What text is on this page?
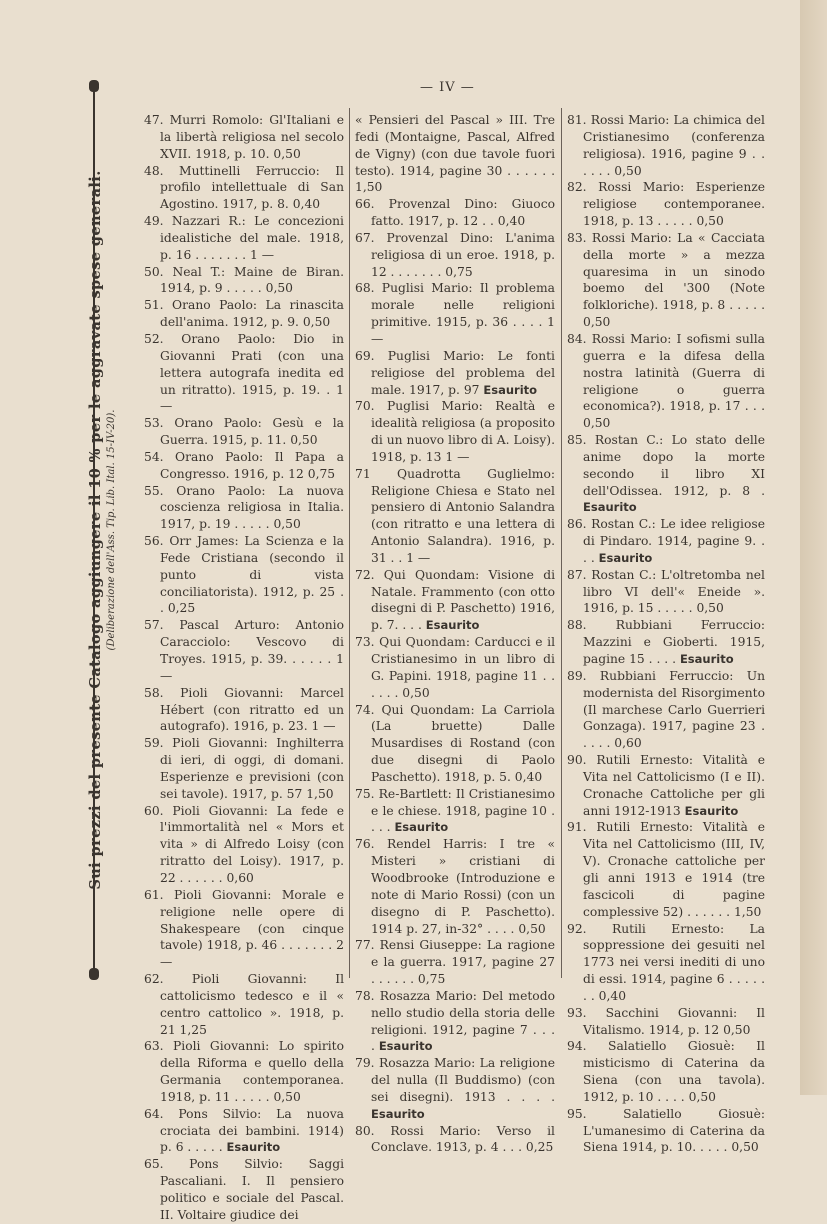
— IV —
Sui prezzi del presente Catalogo aggiungere il 10 % per le aggravate spese generali. (Deliberazione dell'Ass. Tip. Lib. Ital. 15-IV-20).

47. Murri Romolo: Gl'Italiani e la libertà religiosa nel secolo XVII. 1918, p. 10. 0,50

48. Muttinelli Ferruccio: Il profilo intellettuale di San Agostino. 1917, p. 8. 0,40

49. Nazzari R.: Le concezioni idealistiche del male. 1918, p. 16 . . . . . . . 1 —

50. Neal T.: Maine de Biran. 1914, p. 9 . . . . . 0,50

51. Orano Paolo: La rinascita dell'anima. 1912, p. 9. 0,50

52. Orano Paolo: Dio in Giovanni Prati (con una lettera autografa inedita ed un ritratto). 1915, p. 19. . 1 —

53. Orano Paolo: Gesù e la Guerra. 1915, p. 11. 0,50

54. Orano Paolo: Il Papa a Congresso. 1916, p. 12 0,75

55. Orano Paolo: La nuova coscienza religiosa in Italia. 1917, p. 19 . . . . . 0,50

56. Orr James: La Scienza e la Fede Cristiana (secondo il punto di vista conciliatorista). 1912, p. 25 . . 0,25

57. Pascal Arturo: Antonio Caracciolo: Vescovo di Troyes. 1915, p. 39. . . . . . 1 —

58. Pioli Giovanni: Marcel Hébert (con ritratto ed un autografo). 1916, p. 23. 1 —

59. Pioli Giovanni: Inghilterra di ieri, di oggi, di domani. Esperienze e previsioni (con sei tavole). 1917, p. 57 1,50

60. Pioli Giovanni: La fede e l'immortalità nel « Mors et vita » di Alfredo Loisy (con ritratto del Loisy). 1917, p. 22 . . . . . . 0,60

61. Pioli Giovanni: Morale e religione nelle opere di Shakespeare (con cinque tavole) 1918, p. 46 . . . . . . . 2 —

62. Pioli Giovanni: Il cattolicismo tedesco e il « centro cattolico ». 1918, p. 21 1,25

63. Pioli Giovanni: Lo spirito della Riforma e quello della Germania contemporanea. 1918, p. 11 . . . . . 0,50

64. Pons Silvio: La nuova crociata dei bambini. 1914) p. 6 . . . . . Esaurito

65. Pons Silvio: Saggi Pascaliani. I. Il pensiero politico e sociale del Pascal. II. Voltaire giudice dei

« Pensieri del Pascal » III. Tre fedi (Montaigne, Pascal, Alfred de Vigny) (con due tavole fuori testo). 1914, pagine 30 . . . . . . 1,50

66. Provenzal Dino: Giuoco fatto. 1917, p. 12 . . 0,40

67. Provenzal Dino: L'anima religiosa di un eroe. 1918, p. 12 . . . . . . . 0,75

68. Puglisi Mario: Il problema morale nelle religioni primitive. 1915, p. 36 . . . . 1 —

69. Puglisi Mario: Le fonti religiose del problema del male. 1917, p. 97 Esaurito

70. Puglisi Mario: Realtà e idealità religiosa (a proposito di un nuovo libro di A. Loisy). 1918, p. 13 1 —

71 Quadrotta Guglielmo: Religione Chiesa e Stato nel pensiero di Antonio Salandra (con ritratto e una lettera di Antonio Salandra). 1916, p. 31 . . 1 —

72. Qui Quondam: Visione di Natale. Frammento (con otto disegni di P. Paschetto) 1916, p. 7. . . . Esaurito

73. Qui Quondam: Carducci e il Cristianesimo in un libro di G. Papini. 1918, pagine 11 . . . . . . 0,50

74. Qui Quondam: La Carriola (La bruette) Dalle Musardises di Rostand (con due disegni di Paolo Paschetto). 1918, p. 5. 0,40

75. Re-Bartlett: Il Cristianesimo e le chiese. 1918, pagine 10 . . . . Esaurito

76. Rendel Harris: I tre « Misteri » cristiani di Woodbrooke (Introduzione e note di Mario Rossi) (con un disegno di P. Paschetto). 1914 p. 27, in-32° . . . . 0,50

77. Rensi Giuseppe: La ragione e la guerra. 1917, pagine 27 . . . . . . 0,75

78. Rosazza Mario: Del metodo nello studio della storia delle religioni. 1912, pagine 7 . . . . Esaurito

79. Rosazza Mario: La religione del nulla (Il Buddismo) (con sei disegni). 1913 . . . . Esaurito

80. Rossi Mario: Verso il Conclave. 1913, p. 4 . . . 0,25

81. Rossi Mario: La chimica del Cristianesimo (conferenza religiosa). 1916, pagine 9 . . . . . . 0,50

82. Rossi Mario: Esperienze religiose contemporanee. 1918, p. 13 . . . . . 0,50

83. Rossi Mario: La « Cacciata della morte » a mezza quaresima in un sinodo boemo del '300 (Note folkloriche). 1918, p. 8 . . . . . 0,50

84. Rossi Mario: I sofismi sulla guerra e la difesa della nostra latinità (Guerra di religione o guerra economica?). 1918, p. 17 . . . 0,50

85. Rostan C.: Lo stato delle anime dopo la morte secondo il libro XI dell'Odissea. 1912, p. 8 . Esaurito

86. Rostan C.: Le idee religiose di Pindaro. 1914, pagine 9. . . . Esaurito

87. Rostan C.: L'oltretomba nel libro VI dell'« Eneide ». 1916, p. 15 . . . . . 0,50

88. Rubbiani Ferruccio: Mazzini e Gioberti. 1915, pagine 15 . . . . Esaurito

89. Rubbiani Ferruccio: Un modernista del Risorgimento (Il marchese Carlo Guerrieri Gonzaga). 1917, pagine 23 . . . . . 0,60

90. Rutili Ernesto: Vitalità e Vita nel Cattolicismo (I e II). Cronache Cattoliche per gli anni 1912-1913 Esaurito

91. Rutili Ernesto: Vitalità e Vita nel Cattolicismo (III, IV, V). Cronache cattoliche per gli anni 1913 e 1914 (tre fascicoli di pagine complessive 52) . . . . . . 1,50

92. Rutili Ernesto: La soppressione dei gesuiti nel 1773 nei versi inediti di uno di essi. 1914, pagine 6 . . . . . . . 0,40

93. Sacchini Giovanni: Il Vitalismo. 1914, p. 12 0,50

94. Salatiello Giosuè: Il misticismo di Caterina da Siena (con una tavola). 1912, p. 10 . . . . 0,50

95. Salatiello Giosuè: L'umanesimo di Caterina da Siena 1914, p. 10. . . . . 0,50
